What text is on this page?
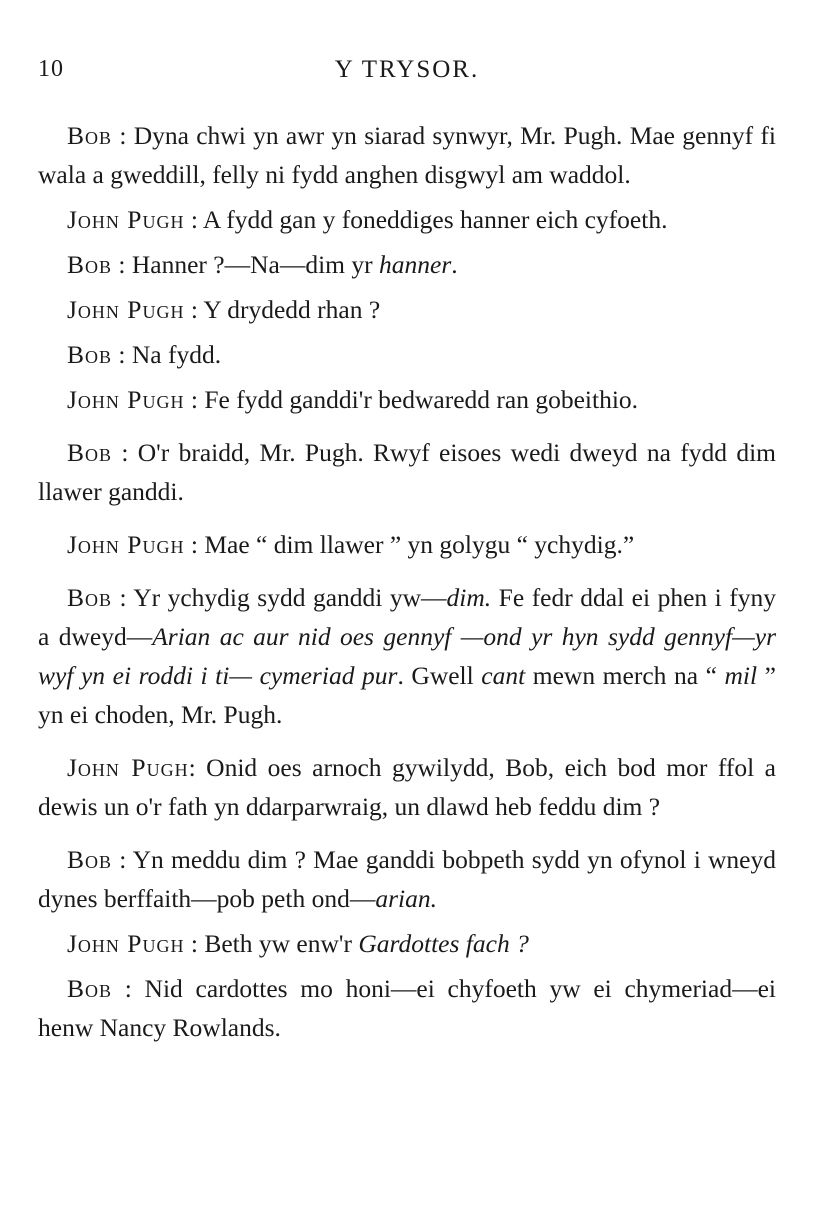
10	Y TRYSOR.

Bob : Dyna chwi yn awr yn siarad synwyr, Mr. Pugh. Mae gennyf fi wala a gweddill, felly ni fydd anghen disgwyl am waddol.

John Pugh : A fydd gan y foneddiges hanner eich cyfoeth.

Bob : Hanner ?—Na—dim yr hanner.

John Pugh : Y drydedd rhan ?

Bob : Na fydd.

John Pugh : Fe fydd ganddi'r bedwaredd ran gobeithio.

Bob : O'r braidd, Mr. Pugh. Rwyf eisoes wedi dweyd na fydd dim llawer ganddi.

John Pugh : Mae “ dim llawer ” yn golygu “ ychydig.”

Bob : Yr ychydig sydd ganddi yw—dim. Fe fedr ddal ei phen i fyny a dweyd—Arian ac aur nid oes gennyf —ond yr hyn sydd gennyf—yr wyf yn ei roddi i ti— cymeriad pur. Gwell cant mewn merch na “ mil ” yn ei choden, Mr. Pugh.

John Pugh: Onid oes arnoch gywilydd, Bob, eich bod mor ffol a dewis un o'r fath yn ddarparwraig, un dlawd heb feddu dim ?

Bob : Yn meddu dim ? Mae ganddi bobpeth sydd yn ofynol i wneyd dynes berffaith—pob peth ond—arian.

John Pugh : Beth yw enw'r Gardottes fach ?

Bob : Nid cardottes mo honi—ei chyfoeth yw ei chymeriad—ei henw Nancy Rowlands.
